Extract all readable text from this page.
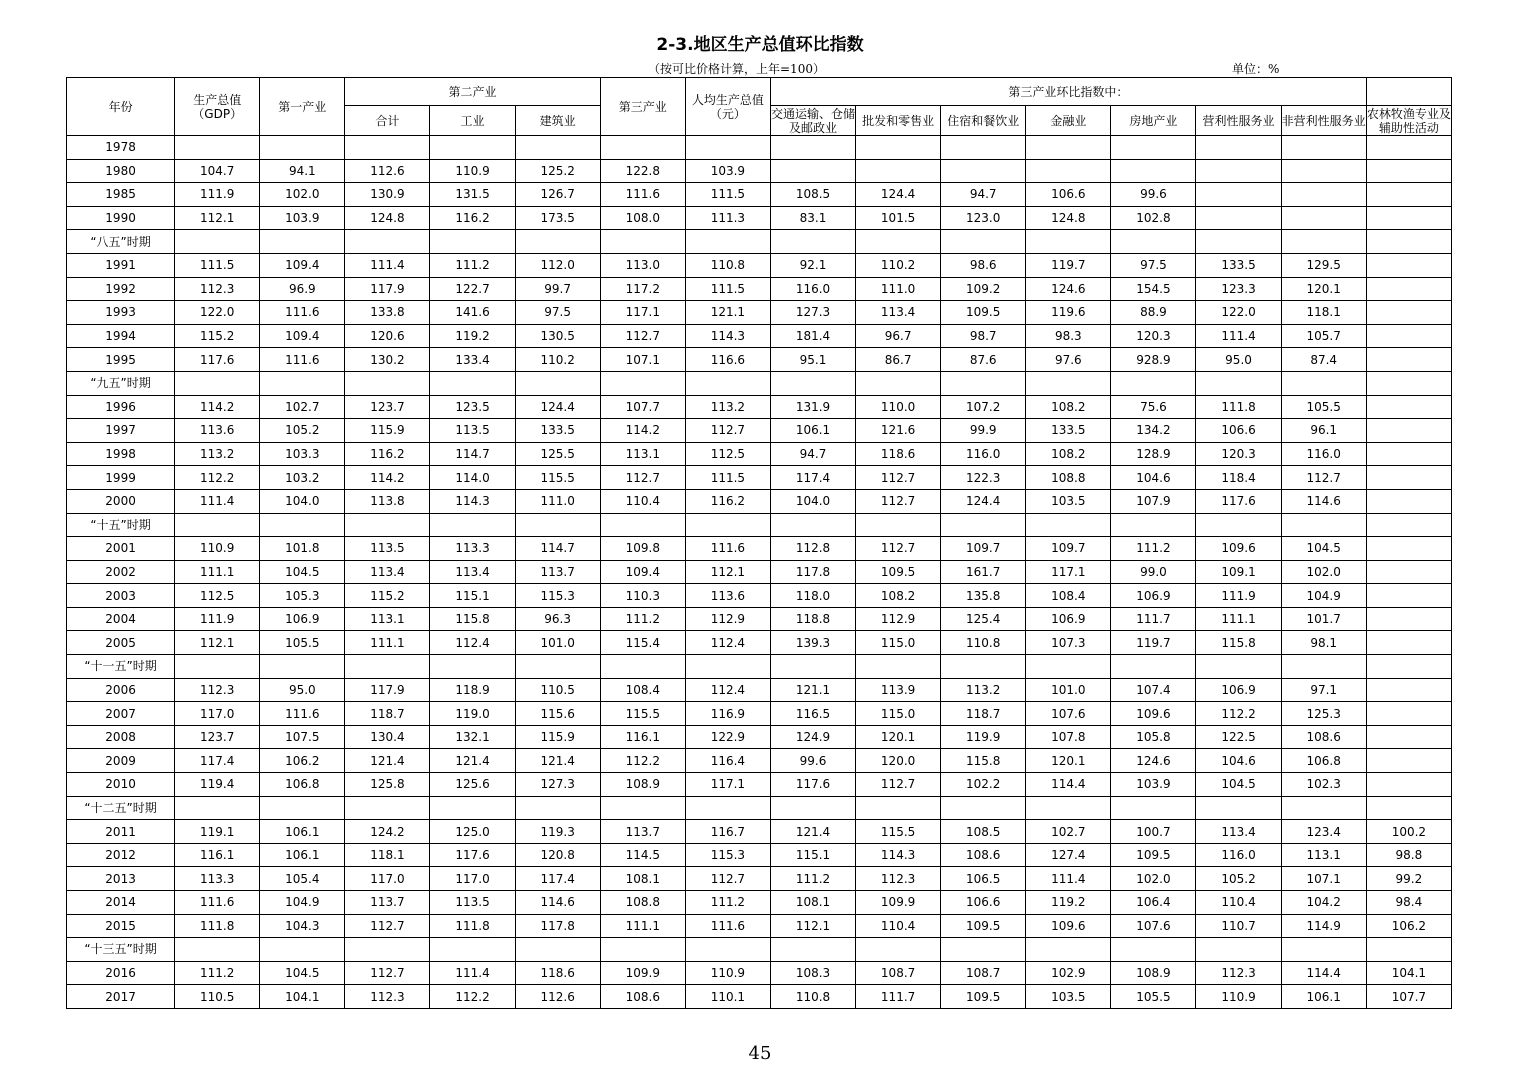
2-3.地区生产总值环比指数
（按可比价格计算，上年=100）	单位：%
年份	生产总值（GDP）	第一产业	第二产业			第三产业	人均生产总值（元）	第三产业环比指数中：							
			合计	工业	建筑业			交通运输、仓储及邮政业	批发和零售业	住宿和餐饮业	金融业	房地产业	营利性服务业	非营利性服务业	农林牧渔专业及辅助性活动
1978															
1980	104.7	94.1	112.6	110.9	125.2	122.8	103.9								
1985	111.9	102.0	130.9	131.5	126.7	111.6	111.5	108.5	124.4	94.7	106.6	99.6			
1990	112.1	103.9	124.8	116.2	173.5	108.0	111.3	83.1	101.5	123.0	124.8	102.8			
“八五”时期															
1991	111.5	109.4	111.4	111.2	112.0	113.0	110.8	92.1	110.2	98.6	119.7	97.5	133.5	129.5	
1992	112.3	96.9	117.9	122.7	99.7	117.2	111.5	116.0	111.0	109.2	124.6	154.5	123.3	120.1	
1993	122.0	111.6	133.8	141.6	97.5	117.1	121.1	127.3	113.4	109.5	119.6	88.9	122.0	118.1	
1994	115.2	109.4	120.6	119.2	130.5	112.7	114.3	181.4	96.7	98.7	98.3	120.3	111.4	105.7	
1995	117.6	111.6	130.2	133.4	110.2	107.1	116.6	95.1	86.7	87.6	97.6	928.9	95.0	87.4	
“九五”时期															
1996	114.2	102.7	123.7	123.5	124.4	107.7	113.2	131.9	110.0	107.2	108.2	75.6	111.8	105.5	
1997	113.6	105.2	115.9	113.5	133.5	114.2	112.7	106.1	121.6	99.9	133.5	134.2	106.6	96.1	
1998	113.2	103.3	116.2	114.7	125.5	113.1	112.5	94.7	118.6	116.0	108.2	128.9	120.3	116.0	
1999	112.2	103.2	114.2	114.0	115.5	112.7	111.5	117.4	112.7	122.3	108.8	104.6	118.4	112.7	
2000	111.4	104.0	113.8	114.3	111.0	110.4	116.2	104.0	112.7	124.4	103.5	107.9	117.6	114.6	
“十五”时期															
2001	110.9	101.8	113.5	113.3	114.7	109.8	111.6	112.8	112.7	109.7	109.7	111.2	109.6	104.5	
2002	111.1	104.5	113.4	113.4	113.7	109.4	112.1	117.8	109.5	161.7	117.1	99.0	109.1	102.0	
2003	112.5	105.3	115.2	115.1	115.3	110.3	113.6	118.0	108.2	135.8	108.4	106.9	111.9	104.9	
2004	111.9	106.9	113.1	115.8	96.3	111.2	112.9	118.8	112.9	125.4	106.9	111.7	111.1	101.7	
2005	112.1	105.5	111.1	112.4	101.0	115.4	112.4	139.3	115.0	110.8	107.3	119.7	115.8	98.1	
“十一五”时期															
2006	112.3	95.0	117.9	118.9	110.5	108.4	112.4	121.1	113.9	113.2	101.0	107.4	106.9	97.1	
2007	117.0	111.6	118.7	119.0	115.6	115.5	116.9	116.5	115.0	118.7	107.6	109.6	112.2	125.3	
2008	123.7	107.5	130.4	132.1	115.9	116.1	122.9	124.9	120.1	119.9	107.8	105.8	122.5	108.6	
2009	117.4	106.2	121.4	121.4	121.4	112.2	116.4	99.6	120.0	115.8	120.1	124.6	104.6	106.8	
2010	119.4	106.8	125.8	125.6	127.3	108.9	117.1	117.6	112.7	102.2	114.4	103.9	104.5	102.3	
“十二五”时期															
2011	119.1	106.1	124.2	125.0	119.3	113.7	116.7	121.4	115.5	108.5	102.7	100.7	113.4	123.4	100.2
2012	116.1	106.1	118.1	117.6	120.8	114.5	115.3	115.1	114.3	108.6	127.4	109.5	116.0	113.1	98.8
2013	113.3	105.4	117.0	117.0	117.4	108.1	112.7	111.2	112.3	106.5	111.4	102.0	105.2	107.1	99.2
2014	111.6	104.9	113.7	113.5	114.6	108.8	111.2	108.1	109.9	106.6	119.2	106.4	110.4	104.2	98.4
2015	111.8	104.3	112.7	111.8	117.8	111.1	111.6	112.1	110.4	109.5	109.6	107.6	110.7	114.9	106.2
“十三五”时期															
2016	111.2	104.5	112.7	111.4	118.6	109.9	110.9	108.3	108.7	108.7	102.9	108.9	112.3	114.4	104.1
2017	110.5	104.1	112.3	112.2	112.6	108.6	110.1	110.8	111.7	109.5	103.5	105.5	110.9	106.1	107.7
45
